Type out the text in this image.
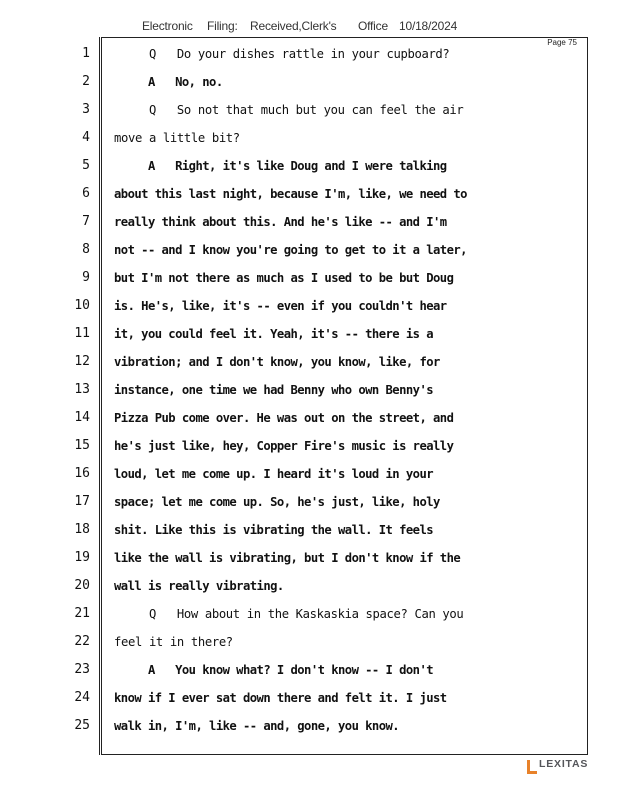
Electronic Filing: Received,Clerk's Office 10/18/2024
Page 75
1 Q   Do your dishes rattle in your cupboard?
2 A   No, no.
3 Q   So not that much but you can feel the air
4 move a little bit?
5 A   Right, it's like Doug and I were talking
6 about this last night, because I'm, like, we need to
7 really think about this. And he's like -- and I'm
8 not -- and I know you're going to get to it a later,
9 but I'm not there as much as I used to be but Doug
10 is. He's, like, it's -- even if you couldn't hear
11 it, you could feel it. Yeah, it's -- there is a
12 vibration; and I don't know, you know, like, for
13 instance, one time we had Benny who own Benny's
14 Pizza Pub come over. He was out on the street, and
15 he's just like, hey, Copper Fire's music is really
16 loud, let me come up. I heard it's loud in your
17 space; let me come up. So, he's just, like, holy
18 shit. Like this is vibrating the wall. It feels
19 like the wall is vibrating, but I don't know if the
20 wall is really vibrating.
21 Q   How about in the Kaskaskia space? Can you
22 feel it in there?
23 A   You know what? I don't know -- I don't
24 know if I ever sat down there and felt it. I just
25 walk in, I'm, like -- and, gone, you know.
LEXITAS
